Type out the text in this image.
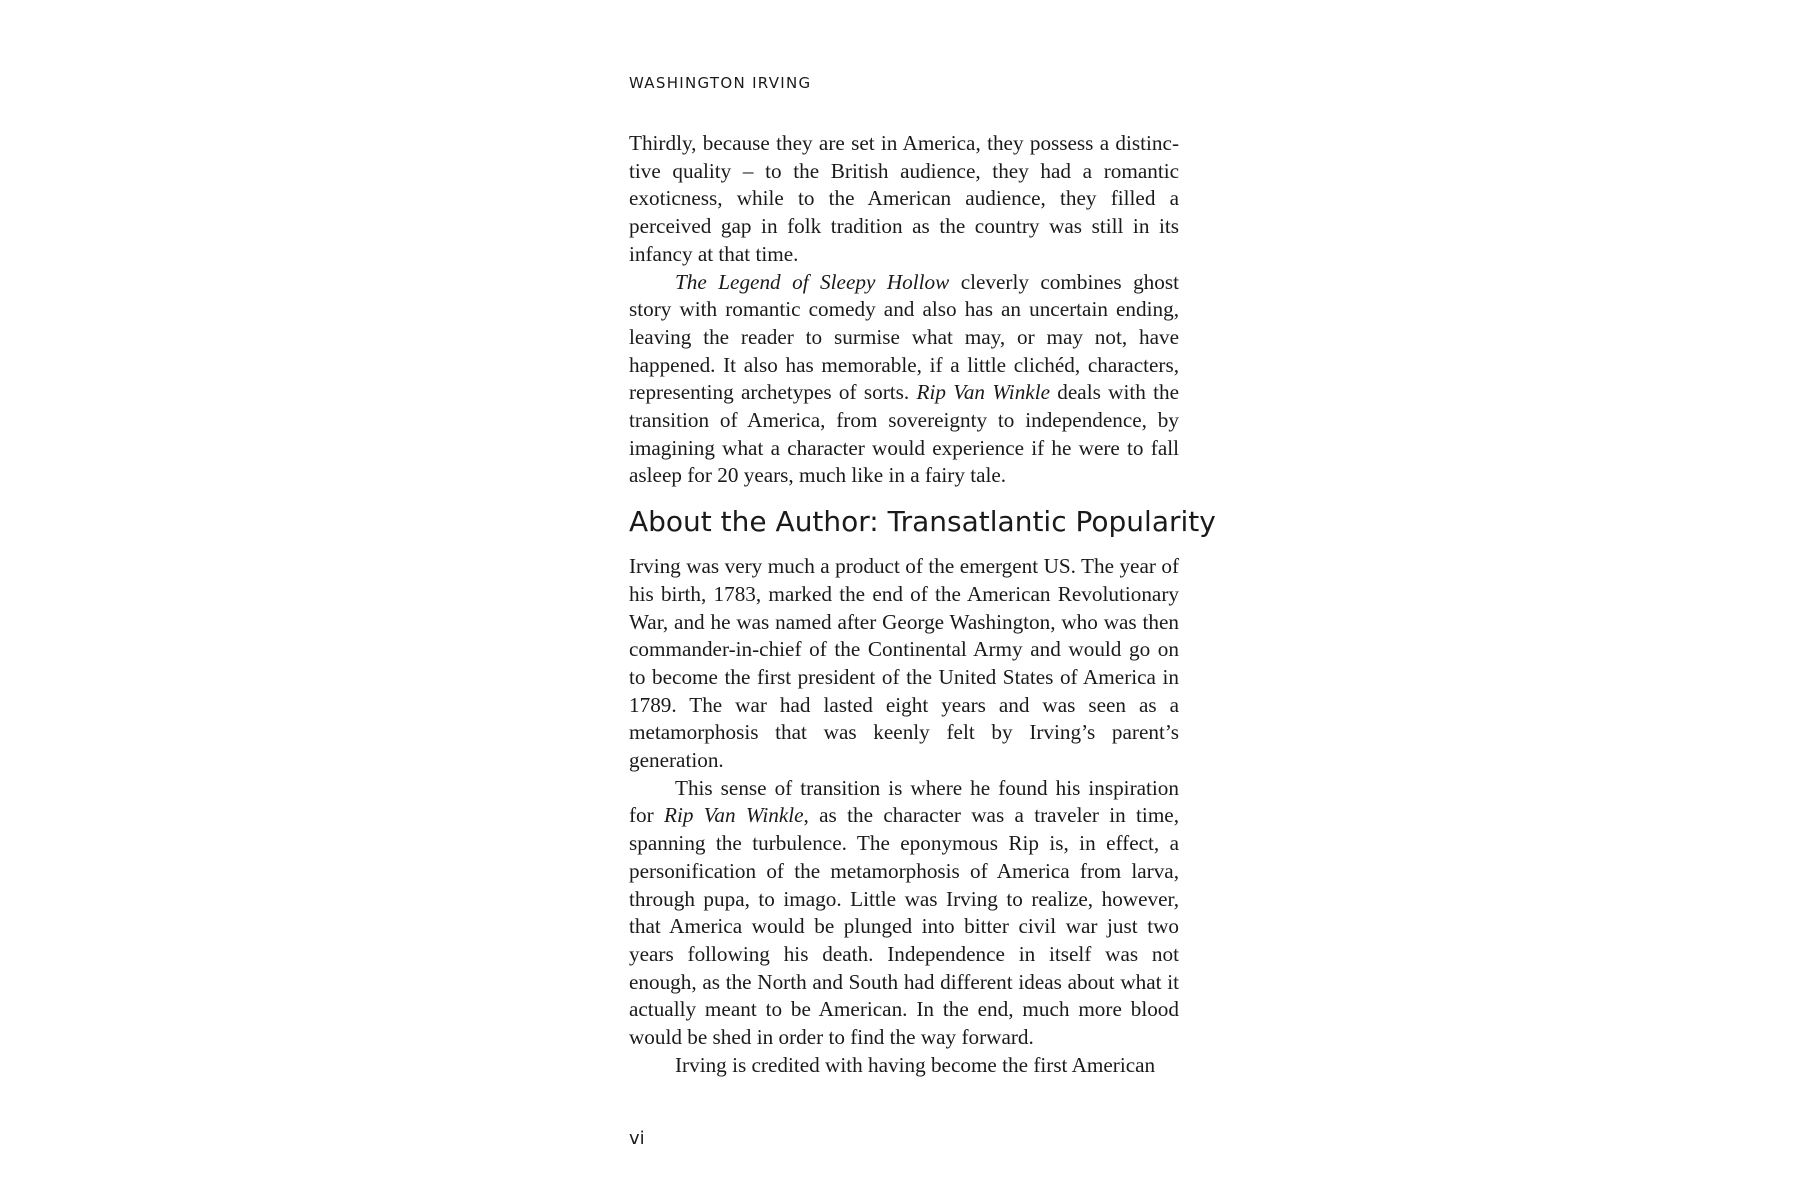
WASHINGTON IRVING

Thirdly, because they are set in America, they possess a distinctive quality – to the British audience, they had a romantic exoticness, while to the American audience, they filled a perceived gap in folk tradition as the country was still in its infancy at that time.

The Legend of Sleepy Hollow cleverly combines ghost story with romantic comedy and also has an uncertain ending, leaving the reader to surmise what may, or may not, have happened. It also has memorable, if a little clichéd, characters, representing archetypes of sorts. Rip Van Winkle deals with the transition of America, from sovereignty to independence, by imagining what a character would experience if he were to fall asleep for 20 years, much like in a fairy tale.

About the Author: Transatlantic Popularity

Irving was very much a product of the emergent US. The year of his birth, 1783, marked the end of the American Revolutionary War, and he was named after George Washington, who was then commander-in-chief of the Continental Army and would go on to become the first president of the United States of America in 1789. The war had lasted eight years and was seen as a metamorphosis that was keenly felt by Irving’s parent’s generation.

This sense of transition is where he found his inspiration for Rip Van Winkle, as the character was a traveler in time, spanning the turbulence. The eponymous Rip is, in effect, a personification of the metamorphosis of America from larva, through pupa, to imago. Little was Irving to realize, however, that America would be plunged into bitter civil war just two years following his death. Independence in itself was not enough, as the North and South had different ideas about what it actually meant to be American. In the end, much more blood would be shed in order to find the way forward.

Irving is credited with having become the first American

vi
